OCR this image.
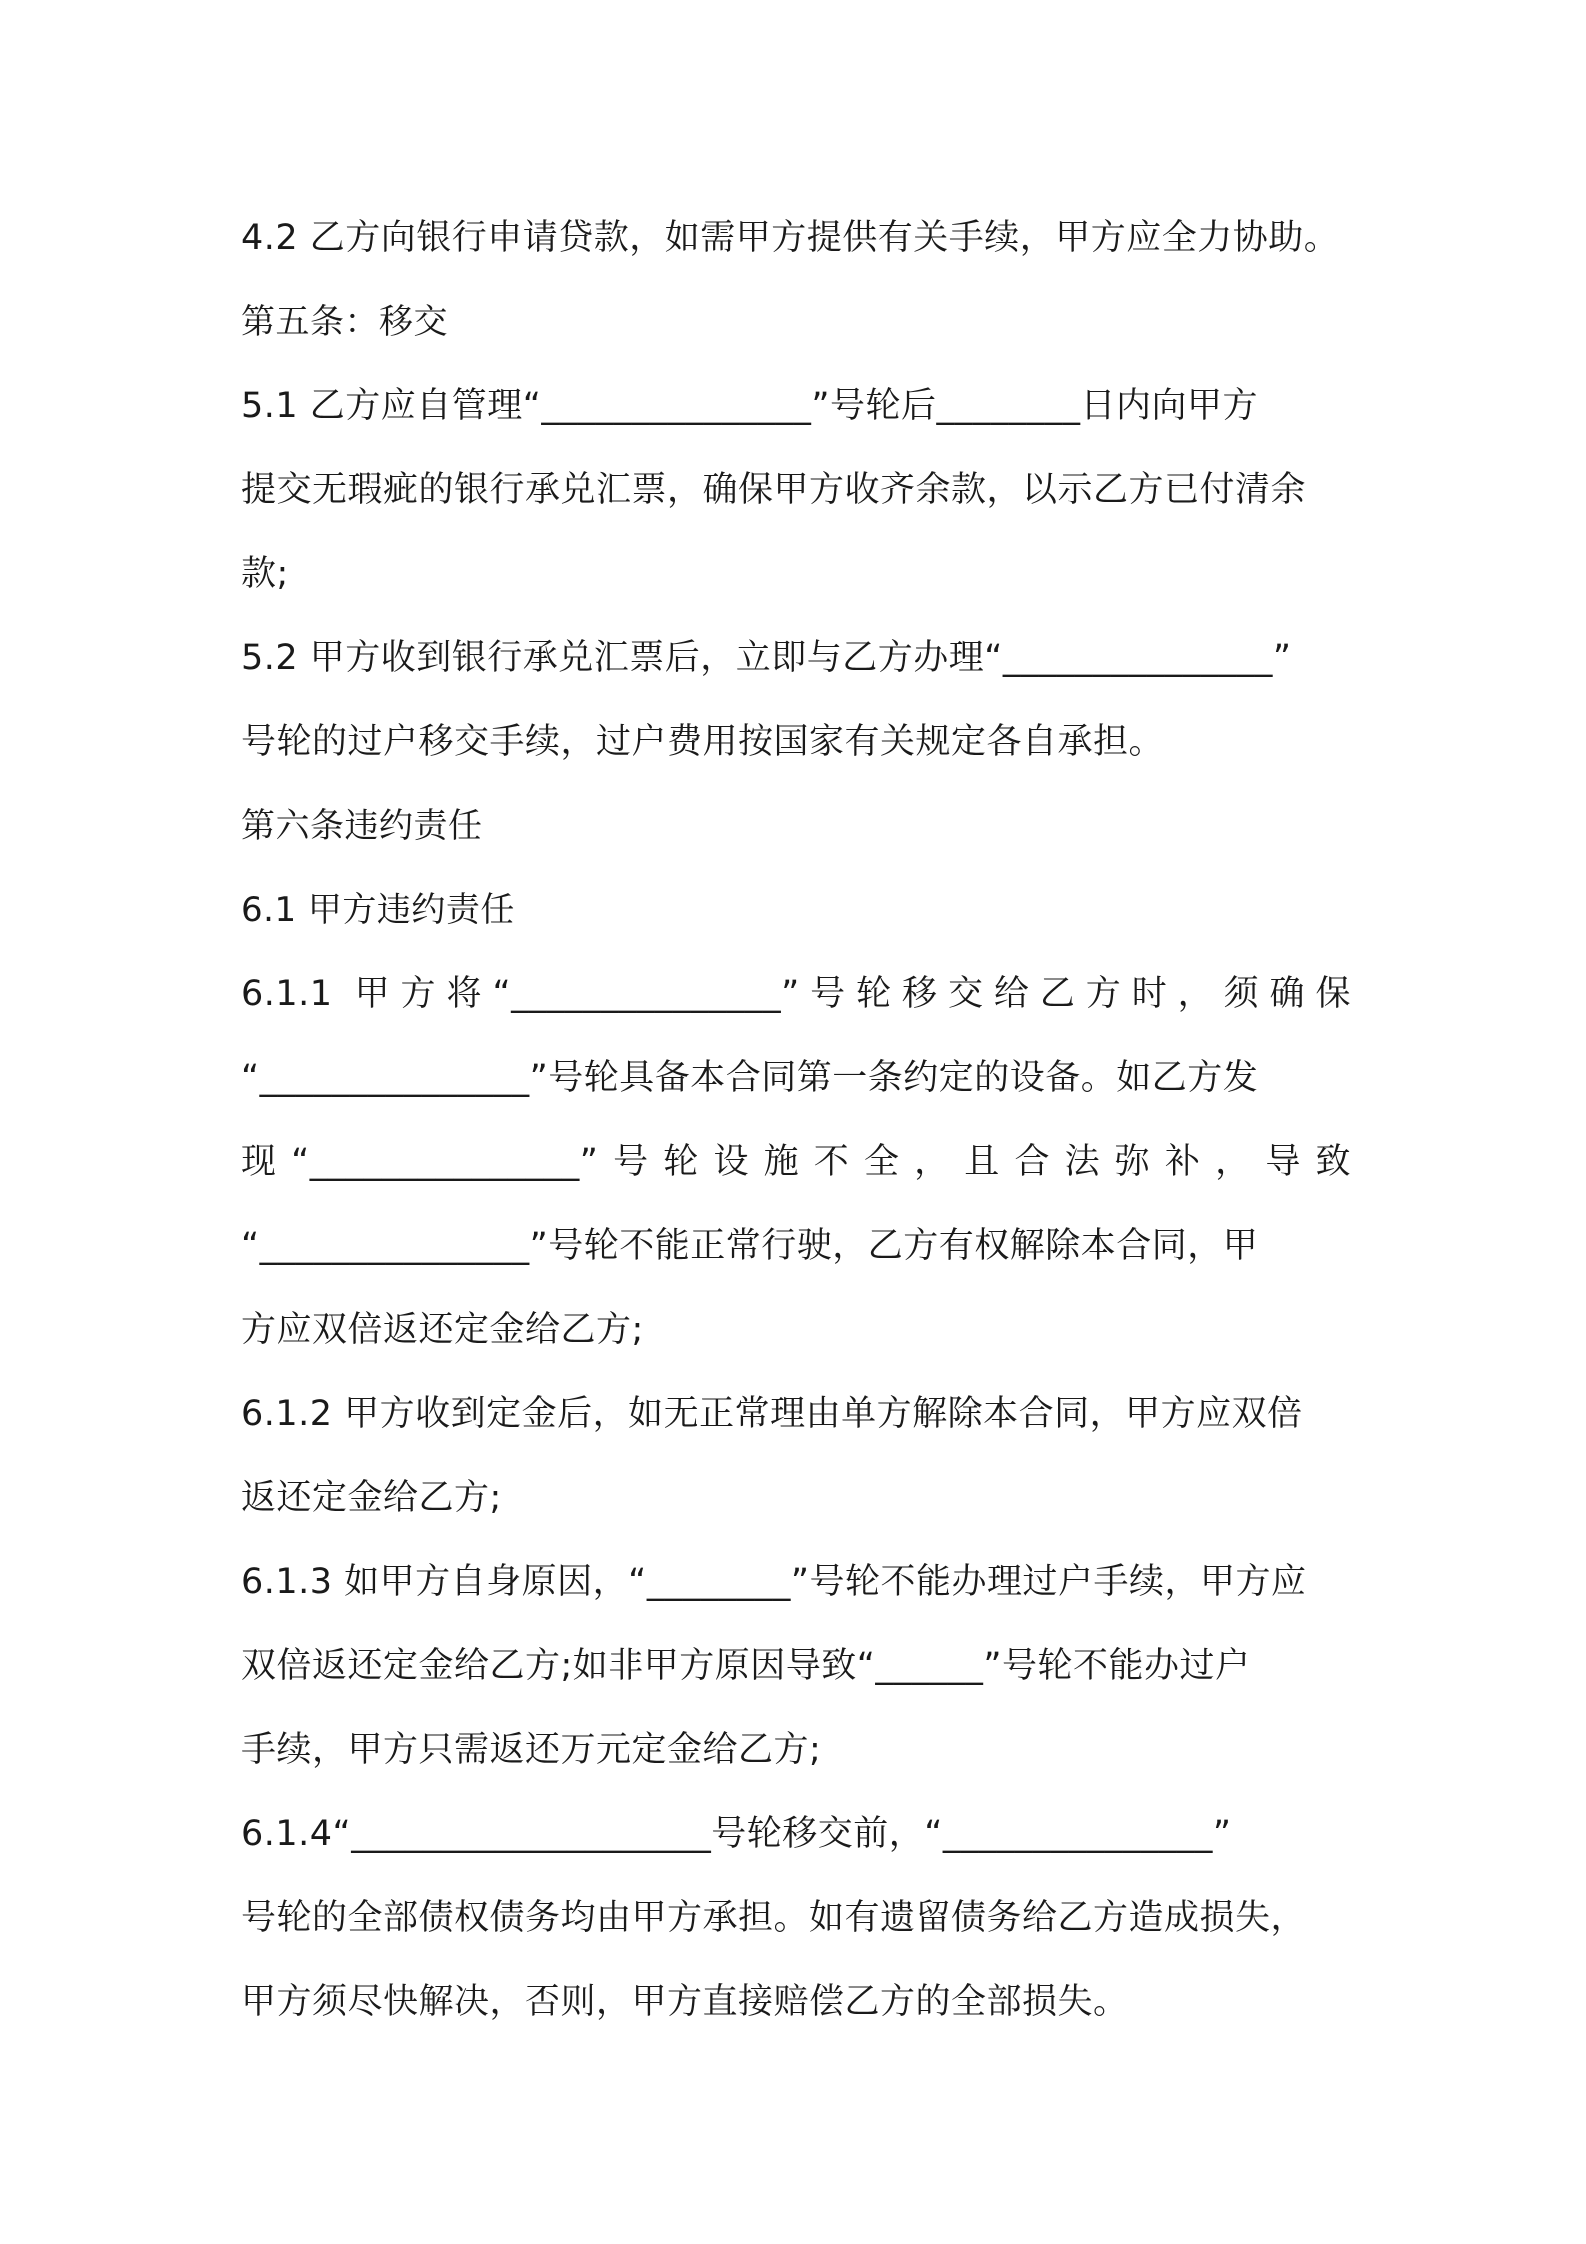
4.2 乙方向银行申请贷款，如需甲方提供有关手续，甲方应全力协助。
第五条：移交
5.1 乙方应自管理“_______________”号轮后________日内向甲方
提交无瑕疵的银行承兑汇票，确保甲方收齐余款，以示乙方已付清余
款;
5.2 甲方收到银行承兑汇票后，立即与乙方办理“_______________”
号轮的过户移交手续，过户费用按国家有关规定各自承担。
第六条违约责任
6.1 甲方违约责任
6.1.1 甲方将“_______________”号轮移交给乙方时，须确保
“_______________”号轮具备本合同第一条约定的设备。如乙方发
现“_______________”号轮设施不全，且合法弥补，导致
“_______________”号轮不能正常行驶，乙方有权解除本合同，甲
方应双倍返还定金给乙方;
6.1.2 甲方收到定金后，如无正常理由单方解除本合同，甲方应双倍
返还定金给乙方;
6.1.3 如甲方自身原因，“________”号轮不能办理过户手续，甲方应
双倍返还定金给乙方;如非甲方原因导致“______”号轮不能办过户
手续，甲方只需返还万元定金给乙方;
6.1.4“____________________号轮移交前，“_______________”
号轮的全部债权债务均由甲方承担。如有遗留债务给乙方造成损失，
甲方须尽快解决，否则，甲方直接赔偿乙方的全部损失。
